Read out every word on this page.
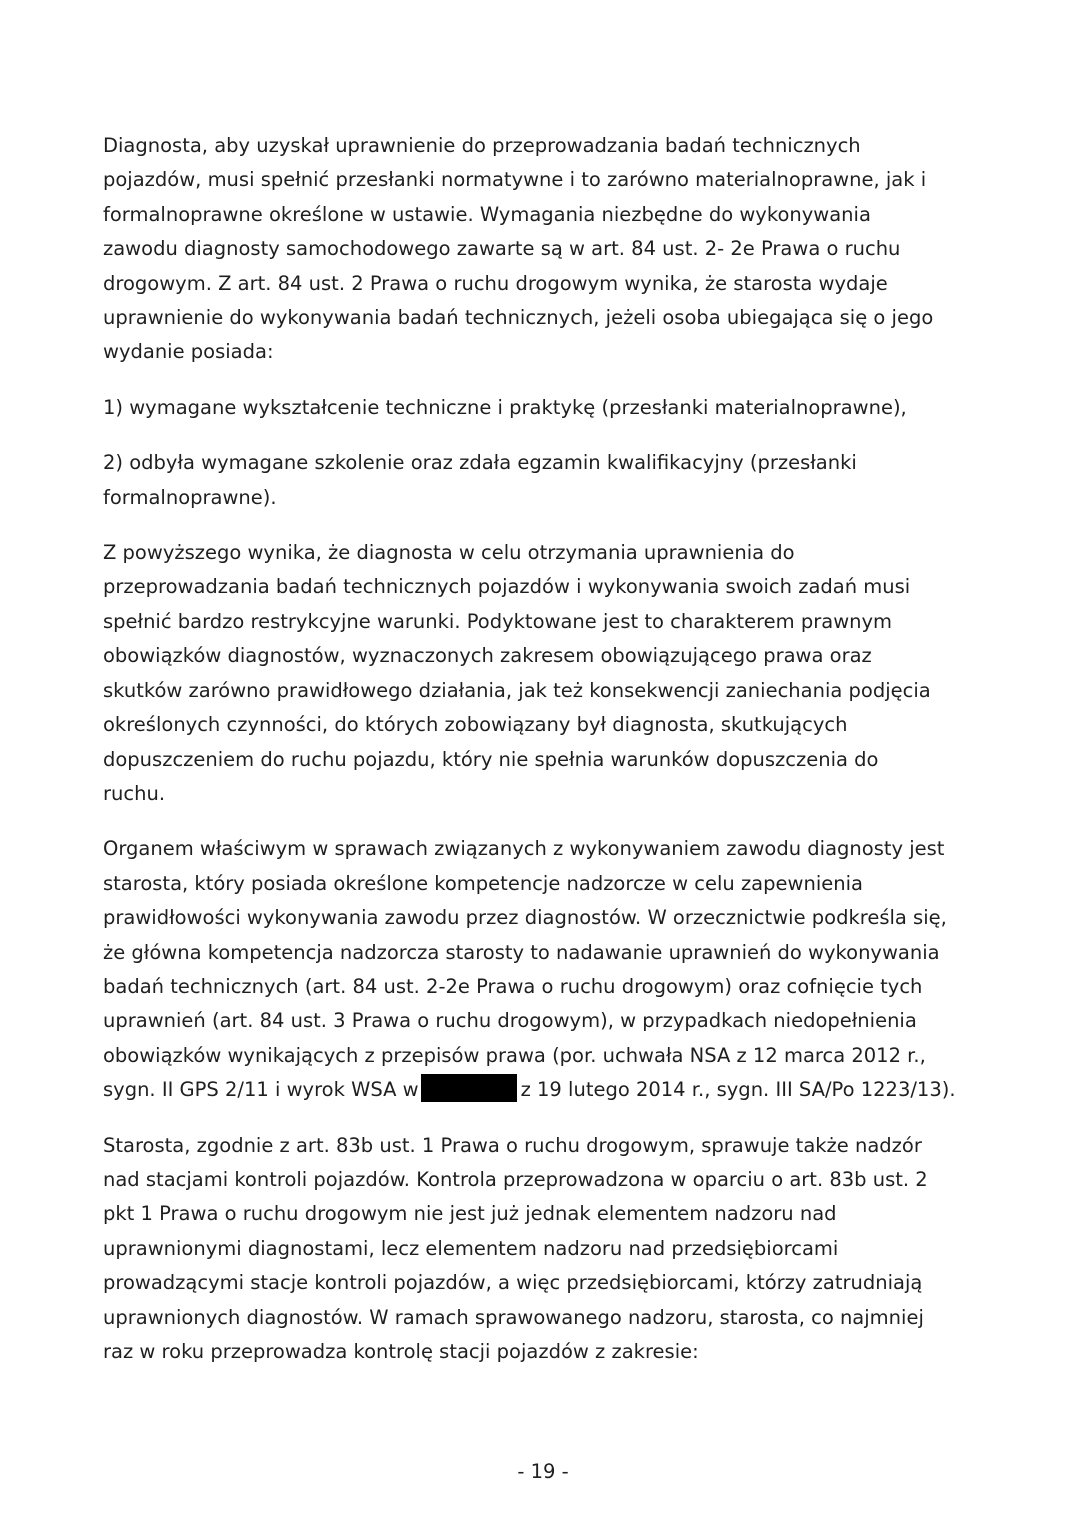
Diagnosta, aby uzyskał uprawnienie do przeprowadzania badań technicznych
pojazdów, musi spełnić przesłanki normatywne i to zarówno materialnoprawne, jak i
formalnoprawne określone w ustawie. Wymagania niezbędne do wykonywania
zawodu diagnosty samochodowego zawarte są w art. 84 ust. 2- 2e Prawa o ruchu
drogowym. Z art. 84 ust. 2 Prawa o ruchu drogowym wynika, że starosta wydaje
uprawnienie do wykonywania badań technicznych, jeżeli osoba ubiegająca się o jego
wydanie posiada:

1) wymagane wykształcenie techniczne i praktykę (przesłanki materialnoprawne),

2) odbyła wymagane szkolenie oraz zdała egzamin kwalifikacyjny (przesłanki
formalnoprawne).

Z powyższego wynika, że diagnosta w celu otrzymania uprawnienia do
przeprowadzania badań technicznych pojazdów i wykonywania swoich zadań musi
spełnić bardzo restrykcyjne warunki. Podyktowane jest to charakterem prawnym
obowiązków diagnostów, wyznaczonych zakresem obowiązującego prawa oraz
skutków zarówno prawidłowego działania, jak też konsekwencji zaniechania podjęcia
określonych czynności, do których zobowiązany był diagnosta, skutkujących
dopuszczeniem do ruchu pojazdu, który nie spełnia warunków dopuszczenia do
ruchu.

Organem właściwym w sprawach związanych z wykonywaniem zawodu diagnosty jest
starosta, który posiada określone kompetencje nadzorcze w celu zapewnienia
prawidłowości wykonywania zawodu przez diagnostów. W orzecznictwie podkreśla się,
że główna kompetencja nadzorcza starosty to nadawanie uprawnień do wykonywania
badań technicznych (art. 84 ust. 2-2e Prawa o ruchu drogowym) oraz cofnięcie tych
uprawnień (art. 84 ust. 3 Prawa o ruchu drogowym), w przypadkach niedopełnienia
obowiązków wynikających z przepisów prawa (por. uchwała NSA z 12 marca 2012 r.,
sygn. II GPS 2/11 i wyrok WSA w	z 19 lutego 2014 r., sygn. III SA/Po 1223/13).

Starosta, zgodnie z art. 83b ust. 1 Prawa o ruchu drogowym, sprawuje także nadzór
nad stacjami kontroli pojazdów. Kontrola przeprowadzona w oparciu o art. 83b ust. 2
pkt 1 Prawa o ruchu drogowym nie jest już jednak elementem nadzoru nad
uprawnionymi diagnostami, lecz elementem nadzoru nad przedsiębiorcami
prowadzącymi stacje kontroli pojazdów, a więc przedsiębiorcami, którzy zatrudniają
uprawnionych diagnostów. W ramach sprawowanego nadzoru, starosta, co najmniej
raz w roku przeprowadza kontrolę stacji pojazdów z zakresie:

- 19 -
